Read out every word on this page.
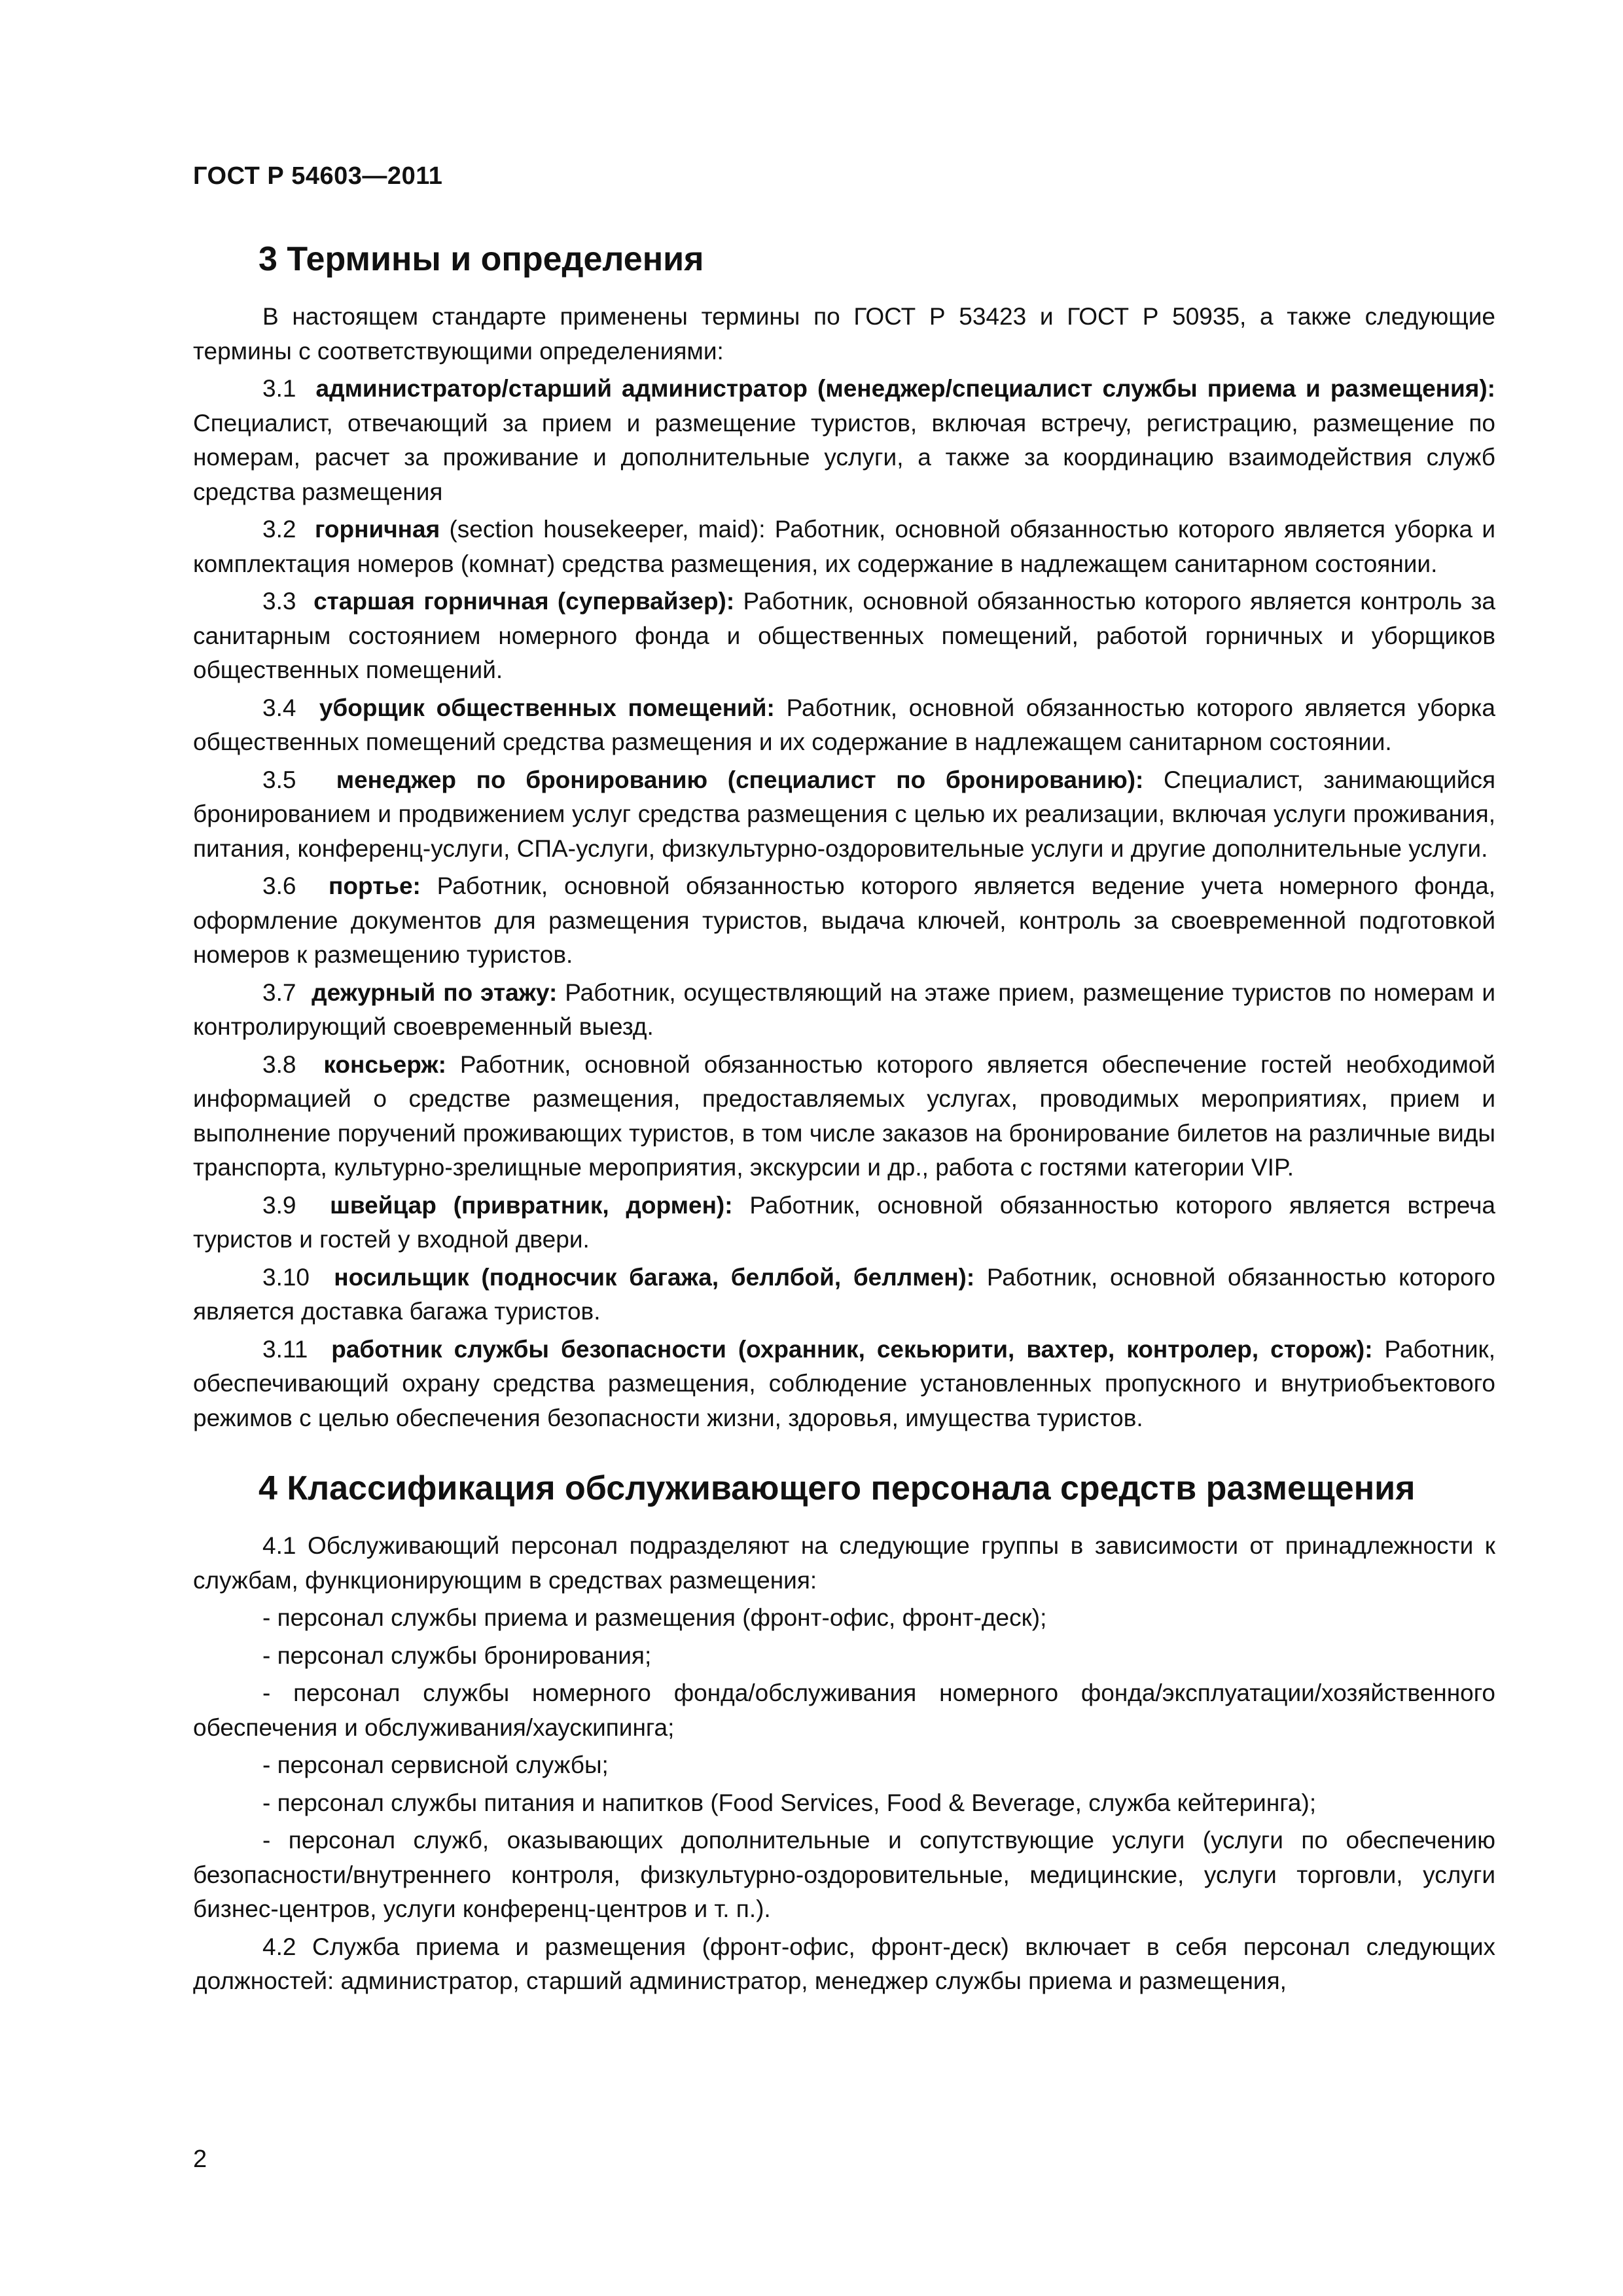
ГОСТ Р 54603—2011

3 Термины и определения

В настоящем стандарте применены термины по ГОСТ Р 53423 и ГОСТ Р 50935, а также следующие термины с соответствующими определениями:

3.1 администратор/старший администратор (менеджер/специалист службы приема и размещения): Специалист, отвечающий за прием и размещение туристов, включая встречу, регистрацию, размещение по номерам, расчет за проживание и дополнительные услуги, а также за координацию взаимодействия служб средства размещения

3.2 горничная (section housekeeper, maid): Работник, основной обязанностью которого является уборка и комплектация номеров (комнат) средства размещения, их содержание в надлежащем санитарном состоянии.

3.3 старшая горничная (супервайзер): Работник, основной обязанностью которого является контроль за санитарным состоянием номерного фонда и общественных помещений, работой горничных и уборщиков общественных помещений.

3.4 уборщик общественных помещений: Работник, основной обязанностью которого является уборка общественных помещений средства размещения и их содержание в надлежащем санитарном состоянии.

3.5 менеджер по бронированию (специалист по бронированию): Специалист, занимающийся бронированием и продвижением услуг средства размещения с целью их реализации, включая услуги проживания, питания, конференц-услуги, СПА-услуги, физкультурно-оздоровительные услуги и другие дополнительные услуги.

3.6 портье: Работник, основной обязанностью которого является ведение учета номерного фонда, оформление документов для размещения туристов, выдача ключей, контроль за своевременной подготовкой номеров к размещению туристов.

3.7 дежурный по этажу: Работник, осуществляющий на этаже прием, размещение туристов по номерам и контролирующий своевременный выезд.

3.8 консьерж: Работник, основной обязанностью которого является обеспечение гостей необходимой информацией о средстве размещения, предоставляемых услугах, проводимых мероприятиях, прием и выполнение поручений проживающих туристов, в том числе заказов на бронирование билетов на различные виды транспорта, культурно-зрелищные мероприятия, экскурсии и др., работа с гостями категории VIP.

3.9 швейцар (привратник, дормен): Работник, основной обязанностью которого является встреча туристов и гостей у входной двери.

3.10 носильщик (подносчик багажа, беллбой, беллмен): Работник, основной обязанностью которого является доставка багажа туристов.

3.11 работник службы безопасности (охранник, секьюрити, вахтер, контролер, сторож): Работник, обеспечивающий охрану средства размещения, соблюдение установленных пропускного и внутриобъектового режимов с целью обеспечения безопасности жизни, здоровья, имущества туристов.

4 Классификация обслуживающего персонала средств размещения

4.1 Обслуживающий персонал подразделяют на следующие группы в зависимости от принадлежности к службам, функционирующим в средствах размещения:

- персонал службы приема и размещения (фронт-офис, фронт-деск);

- персонал службы бронирования;

- персонал службы номерного фонда/обслуживания номерного фонда/эксплуатации/хозяйственного обеспечения и обслуживания/хаускипинга;

- персонал сервисной службы;

- персонал службы питания и напитков (Food Services, Food & Beverage, служба кейтеринга);

- персонал служб, оказывающих дополнительные и сопутствующие услуги (услуги по обеспечению безопасности/внутреннего контроля, физкультурно-оздоровительные, медицинские, услуги торговли, услуги бизнес-центров, услуги конференц-центров и т. п.).

4.2 Служба приема и размещения (фронт-офис, фронт-деск) включает в себя персонал следующих должностей: администратор, старший администратор, менеджер службы приема и размещения,

2
